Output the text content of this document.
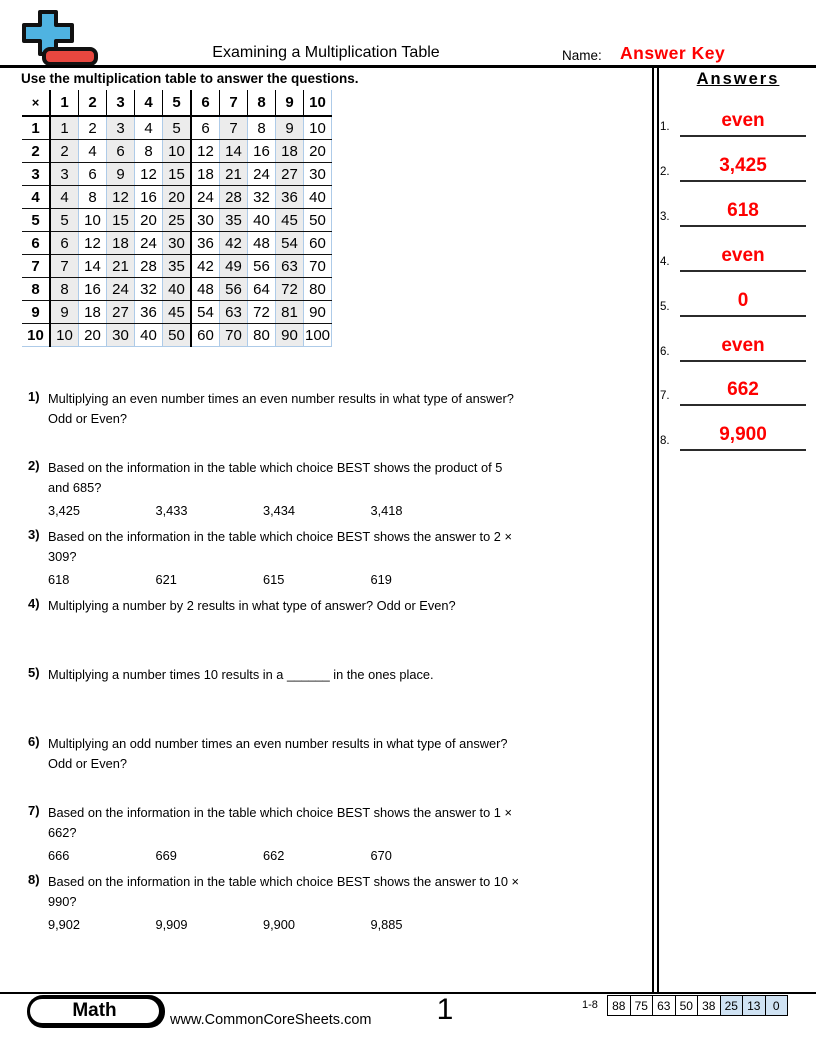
Examining a Multiplication Table	Name: Answer Key
Use the multiplication table to answer the questions.
×	1	2	3	4	5	6	7	8	9	10
1	1	2	3	4	5	6	7	8	9	10
2	2	4	6	8	10	12	14	16	18	20
3	3	6	9	12	15	18	21	24	27	30
4	4	8	12	16	20	24	28	32	36	40
5	5	10	15	20	25	30	35	40	45	50
6	6	12	18	24	30	36	42	48	54	60
7	7	14	21	28	35	42	49	56	63	70
8	8	16	24	32	40	48	56	64	72	80
9	9	18	27	36	45	54	63	72	81	90
10	10	20	30	40	50	60	70	80	90	100
1) Multiplying an even number times an even number results in what type of answer?
Odd or Even?
2) Based on the information in the table which choice BEST shows the product of 5
and 685?
3,425	3,433	3,434	3,418
3) Based on the information in the table which choice BEST shows the answer to 2 ×
309?
618	621	615	619
4) Multiplying a number by 2 results in what type of answer? Odd or Even?
5) Multiplying a number times 10 results in a ______ in the ones place.
6) Multiplying an odd number times an even number results in what type of answer?
Odd or Even?
7) Based on the information in the table which choice BEST shows the answer to 1 ×
662?
666	669	662	670
8) Based on the information in the table which choice BEST shows the answer to 10 ×
990?
9,902	9,909	9,900	9,885
Answers
1.	even
2.	3,425
3.	618
4.	even
5.	0
6.	even
7.	662
8.	9,900
Math	www.CommonCoreSheets.com	1	1-8	88 75 63 50 38 25 13	0
